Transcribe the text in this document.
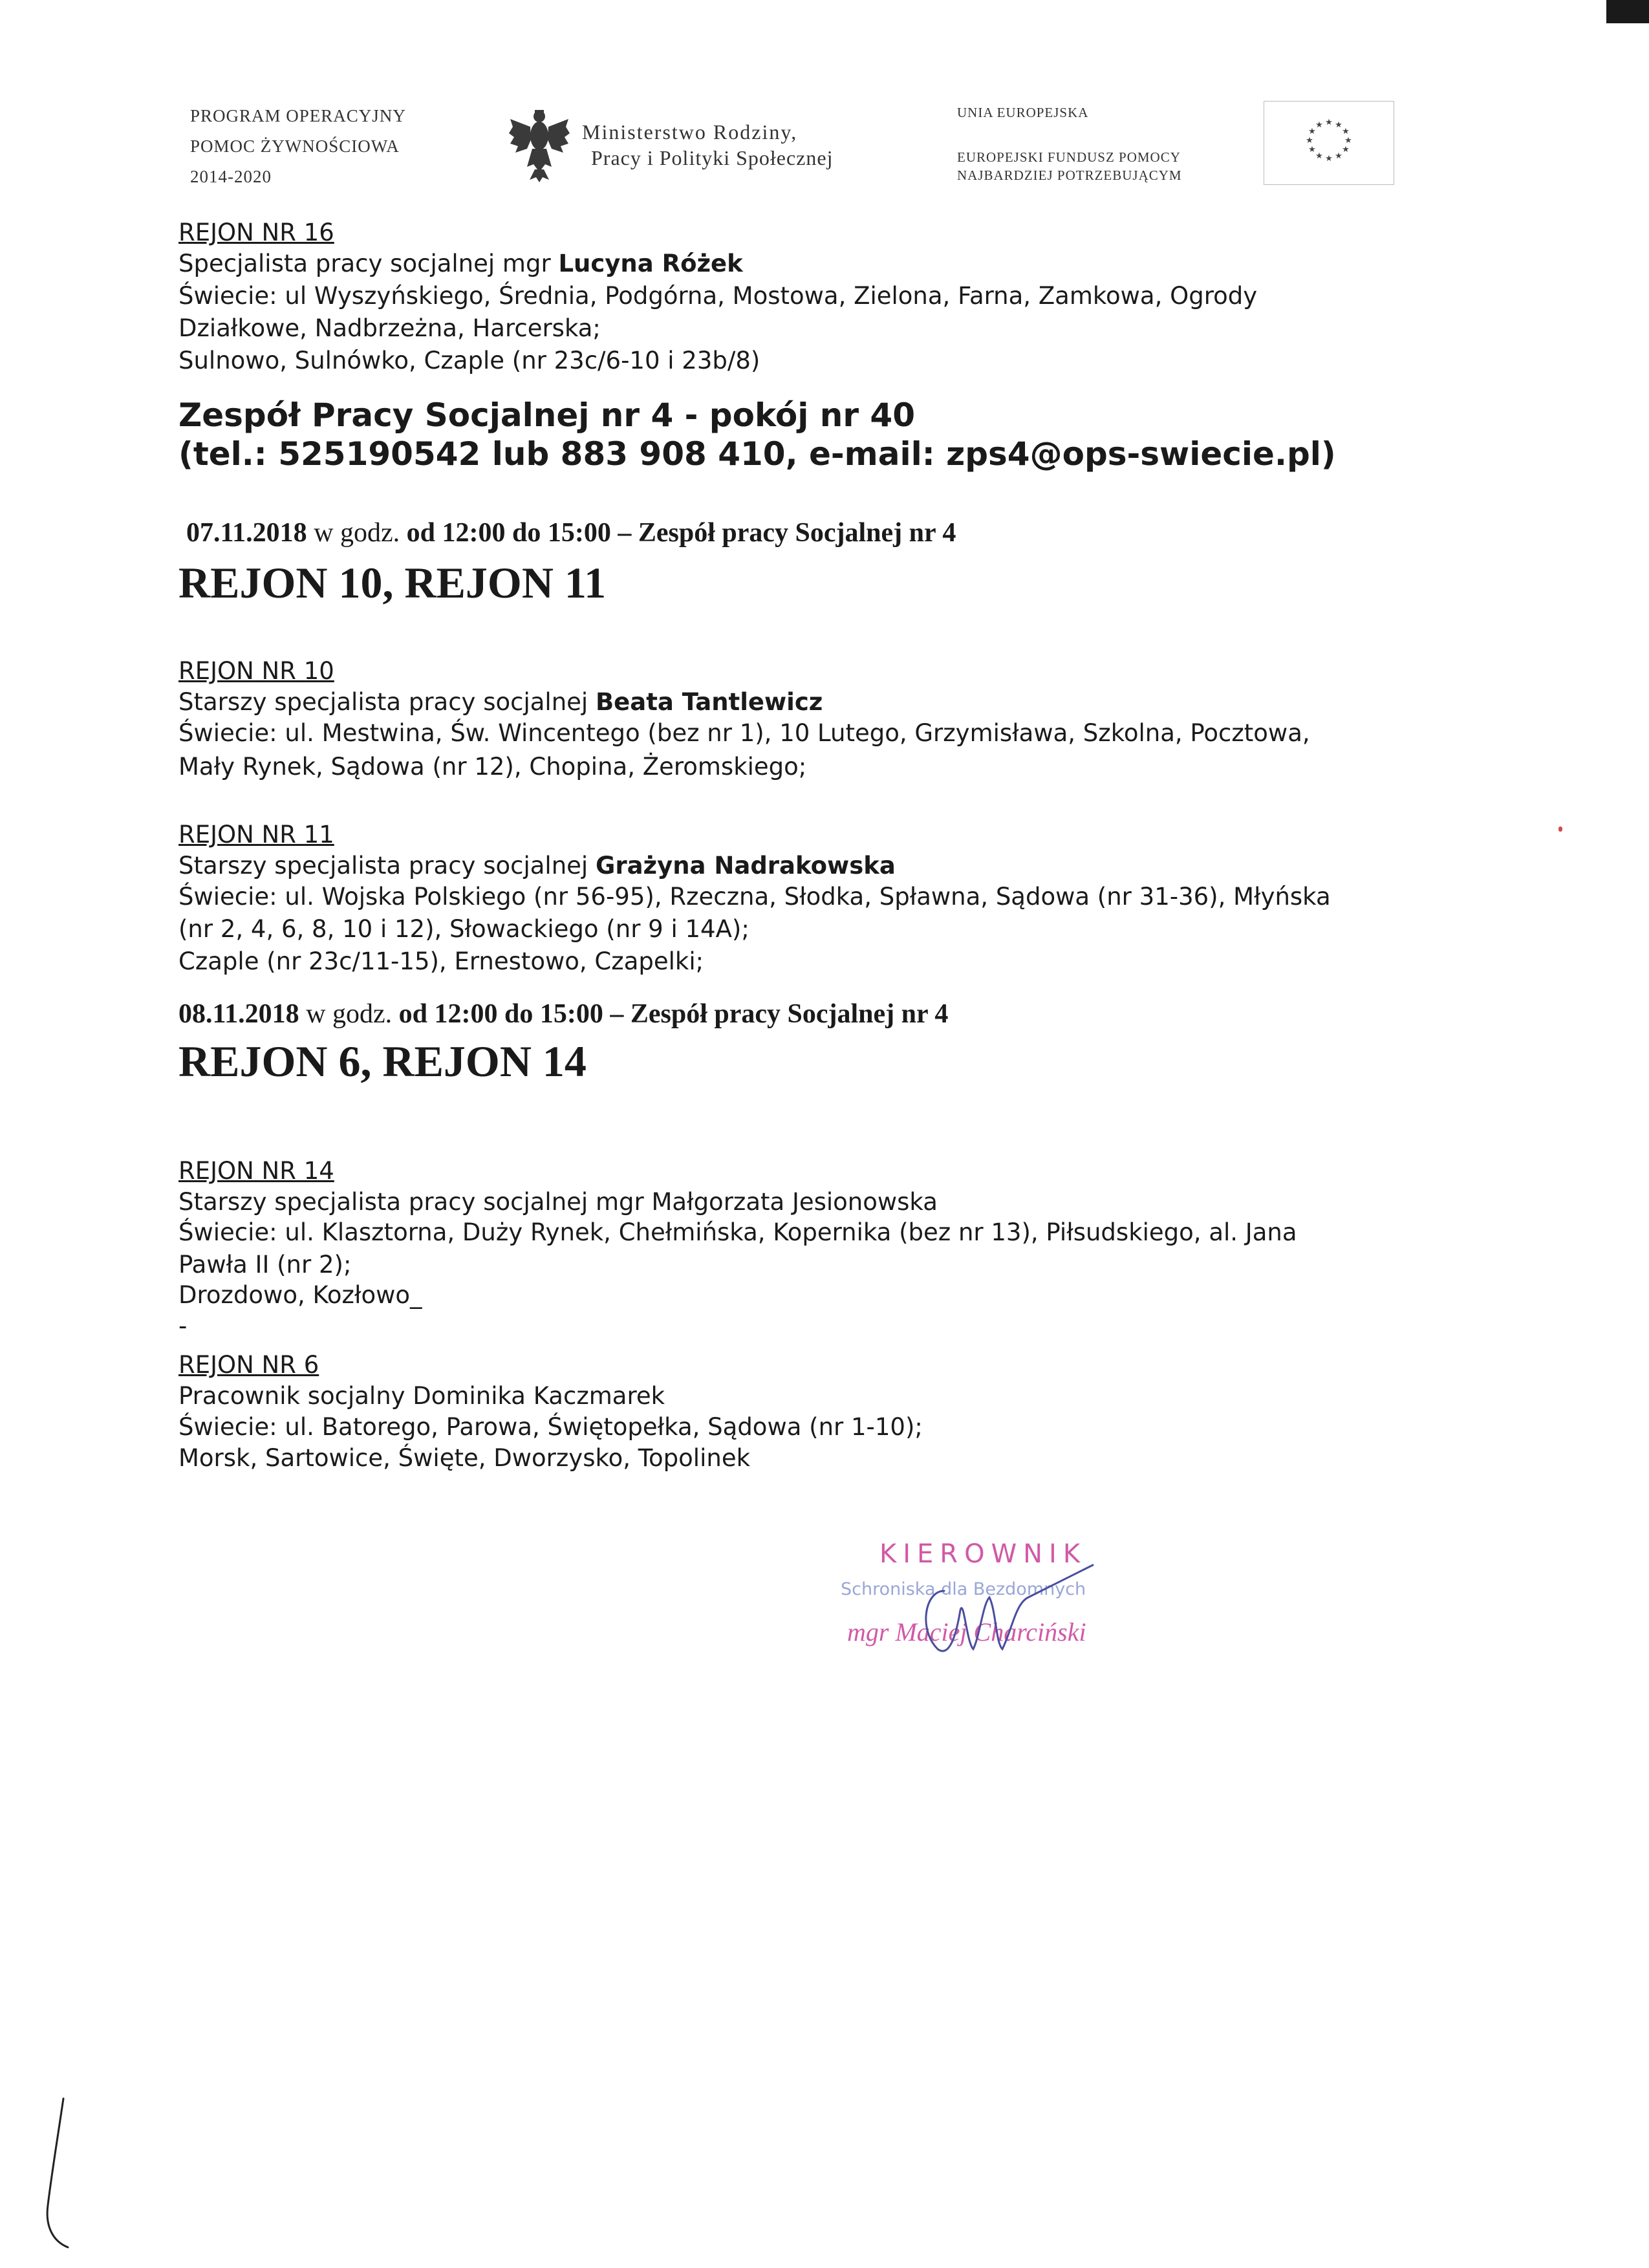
PROGRAM OPERACYJNY
POMOC ŻYWNOŚCIOWA
2014-2020
Ministerstwo Rodziny,
Pracy i Polityki Społecznej
UNIA EUROPEJSKA
EUROPEJSKI FUNDUSZ POMOCY
NAJBARDZIEJ POTRZEBUJĄCYM
★ ★
★
★
★
★
★
★
★
★
★
★
REJON NR 16
Specjalista pracy socjalnej mgr Lucyna Różek
Świecie: ul Wyszyńskiego, Średnia, Podgórna, Mostowa, Zielona, Farna, Zamkowa, Ogrody
Działkowe, Nadbrzeżna, Harcerska;
Sulnowo, Sulnówko, Czaple (nr 23c/6-10 i 23b/8)
Zespół Pracy Socjalnej nr 4 - pokój nr 40
(tel.: 525190542 lub 883 908 410, e-mail: zps4@ops-swiecie.pl)
07.11.2018 w godz. od 12:00 do 15:00 – Zespół pracy Socjalnej nr 4
REJON 10, REJON 11
REJON NR 10
Starszy specjalista pracy socjalnej Beata Tantlewicz
Świecie: ul. Mestwina, Św. Wincentego (bez nr 1), 10 Lutego, Grzymisława, Szkolna, Pocztowa,
Mały Rynek, Sądowa (nr 12), Chopina, Żeromskiego;
REJON NR 11
Starszy specjalista pracy socjalnej Grażyna Nadrakowska
Świecie: ul. Wojska Polskiego (nr 56-95), Rzeczna, Słodka, Spławna, Sądowa (nr 31-36), Młyńska
(nr 2, 4, 6, 8, 10 i 12), Słowackiego (nr 9 i 14A);
Czaple (nr 23c/11-15), Ernestowo, Czapelki;
08.11.2018 w godz. od 12:00 do 15:00 – Zespół pracy Socjalnej nr 4
REJON 6, REJON 14
REJON NR 14
Starszy specjalista pracy socjalnej mgr Małgorzata Jesionowska
Świecie: ul. Klasztorna, Duży Rynek, Chełmińska, Kopernika (bez nr 13), Piłsudskiego, al. Jana
Pawła II (nr 2);
Drozdowo, Kozłowo_
-
REJON NR 6
Pracownik socjalny Dominika Kaczmarek
Świecie: ul. Batorego, Parowa, Świętopełka, Sądowa (nr 1-10);
Morsk, Sartowice, Święte, Dworzysko, Topolinek
KIEROWNIK
Schroniska dla Bezdomnych
mgr Maciej Charciński
